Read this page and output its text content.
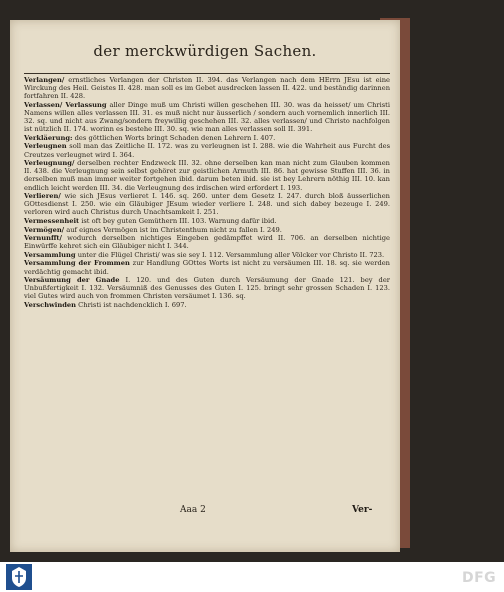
der merckwürdigen Sachen.

Verlangen/ ernstliches Verlangen der Christen II. 394. das Verlangen nach dem HErrn JEsu ist eine Wirckung des Heil. Geistes II. 428. man soll es im Gebet ausdrecken lassen II. 422. und beständig darinnen fortfahren II. 428.

Verlassen/ Verlassung aller Dinge muß um Christi willen geschehen III. 30. was da heisset/ um Christi Namens willen alles verlassen III. 31. es muß nicht nur äusserlich / sondern auch vornemlich innerlich III. 32. sq. und nicht aus Zwang/sondern freywillig geschehen III. 32. alles verlassen/ und Christo nachfolgen ist nützlich II. 174. worinn es bestehe III. 30. sq. wie man alles verlassen soll II. 391.

Verkläerung: des göttlichen Worts bringt Schaden denen Lehrern I. 407.

Verleugnen soll man das Zeitliche II. 172. was zu verleugnen ist I. 288. wie die Wahrheit aus Furcht des Creutzes verleugnet wird I. 364.

Verleugnung/ derselben rechter Endzweck III. 32. ohne derselben kan man nicht zum Glauben kommen II. 438. die Verleugnung sein selbst gehöret zur geistlichen Armuth III. 86. hat gewisse Stuffen III. 36. in derselben muß man immer weiter fortgehen ibid. darum beten ibid. sie ist bey Lehrern nöthig III. 10. kan endlich leicht werden III. 34. die Verleugnung des irdischen wird erfordert I. 193.

Verlieren/ wie sich JEsus verlieret I. 146. sq. 260. unter dem Gesetz I. 247. durch bloß äusserlichen GOttesdienst I. 250. wie ein Gläubiger JEsum wieder verliere I. 248. und sich dabey bezeuge I. 249. verloren wird auch Christus durch Unachtsamkeit I. 251.

Vermessenheit ist oft bey guten Gemüthern III. 103. Warnung dafür ibid.

Vermögen/ auf eignes Vermögen ist im Christenthum nicht zu fallen I. 249.

Vernunfft/ wodurch derselben nichtiges Eingeben gedämpffet wird II. 706. an derselben nichtige Einwürffe kehret sich ein Gläubiger nicht I. 344.

Versammlung unter die Flügel Christi/ was sie sey I. 112. Versammlung aller Völcker vor Christo II. 723.

Versammlung der Frommen zur Handlung GOttes Worts ist nicht zu versäumen III. 18. sq. sie werden verdächtig gemacht ibid.

Versäumung der Gnade I. 120. und des Guten durch Versäumung der Gnade 121. bey der Unbußfertigkeit I. 132. Versäumniß des Genusses des Guten I. 125. bringt sehr grossen Schaden I. 123. viel Gutes wird auch von frommen Christen versäumet I. 136. sq.

Verschwinden Christi ist nachdencklich I. 697.

Aaa 2	Ver-
DFG
